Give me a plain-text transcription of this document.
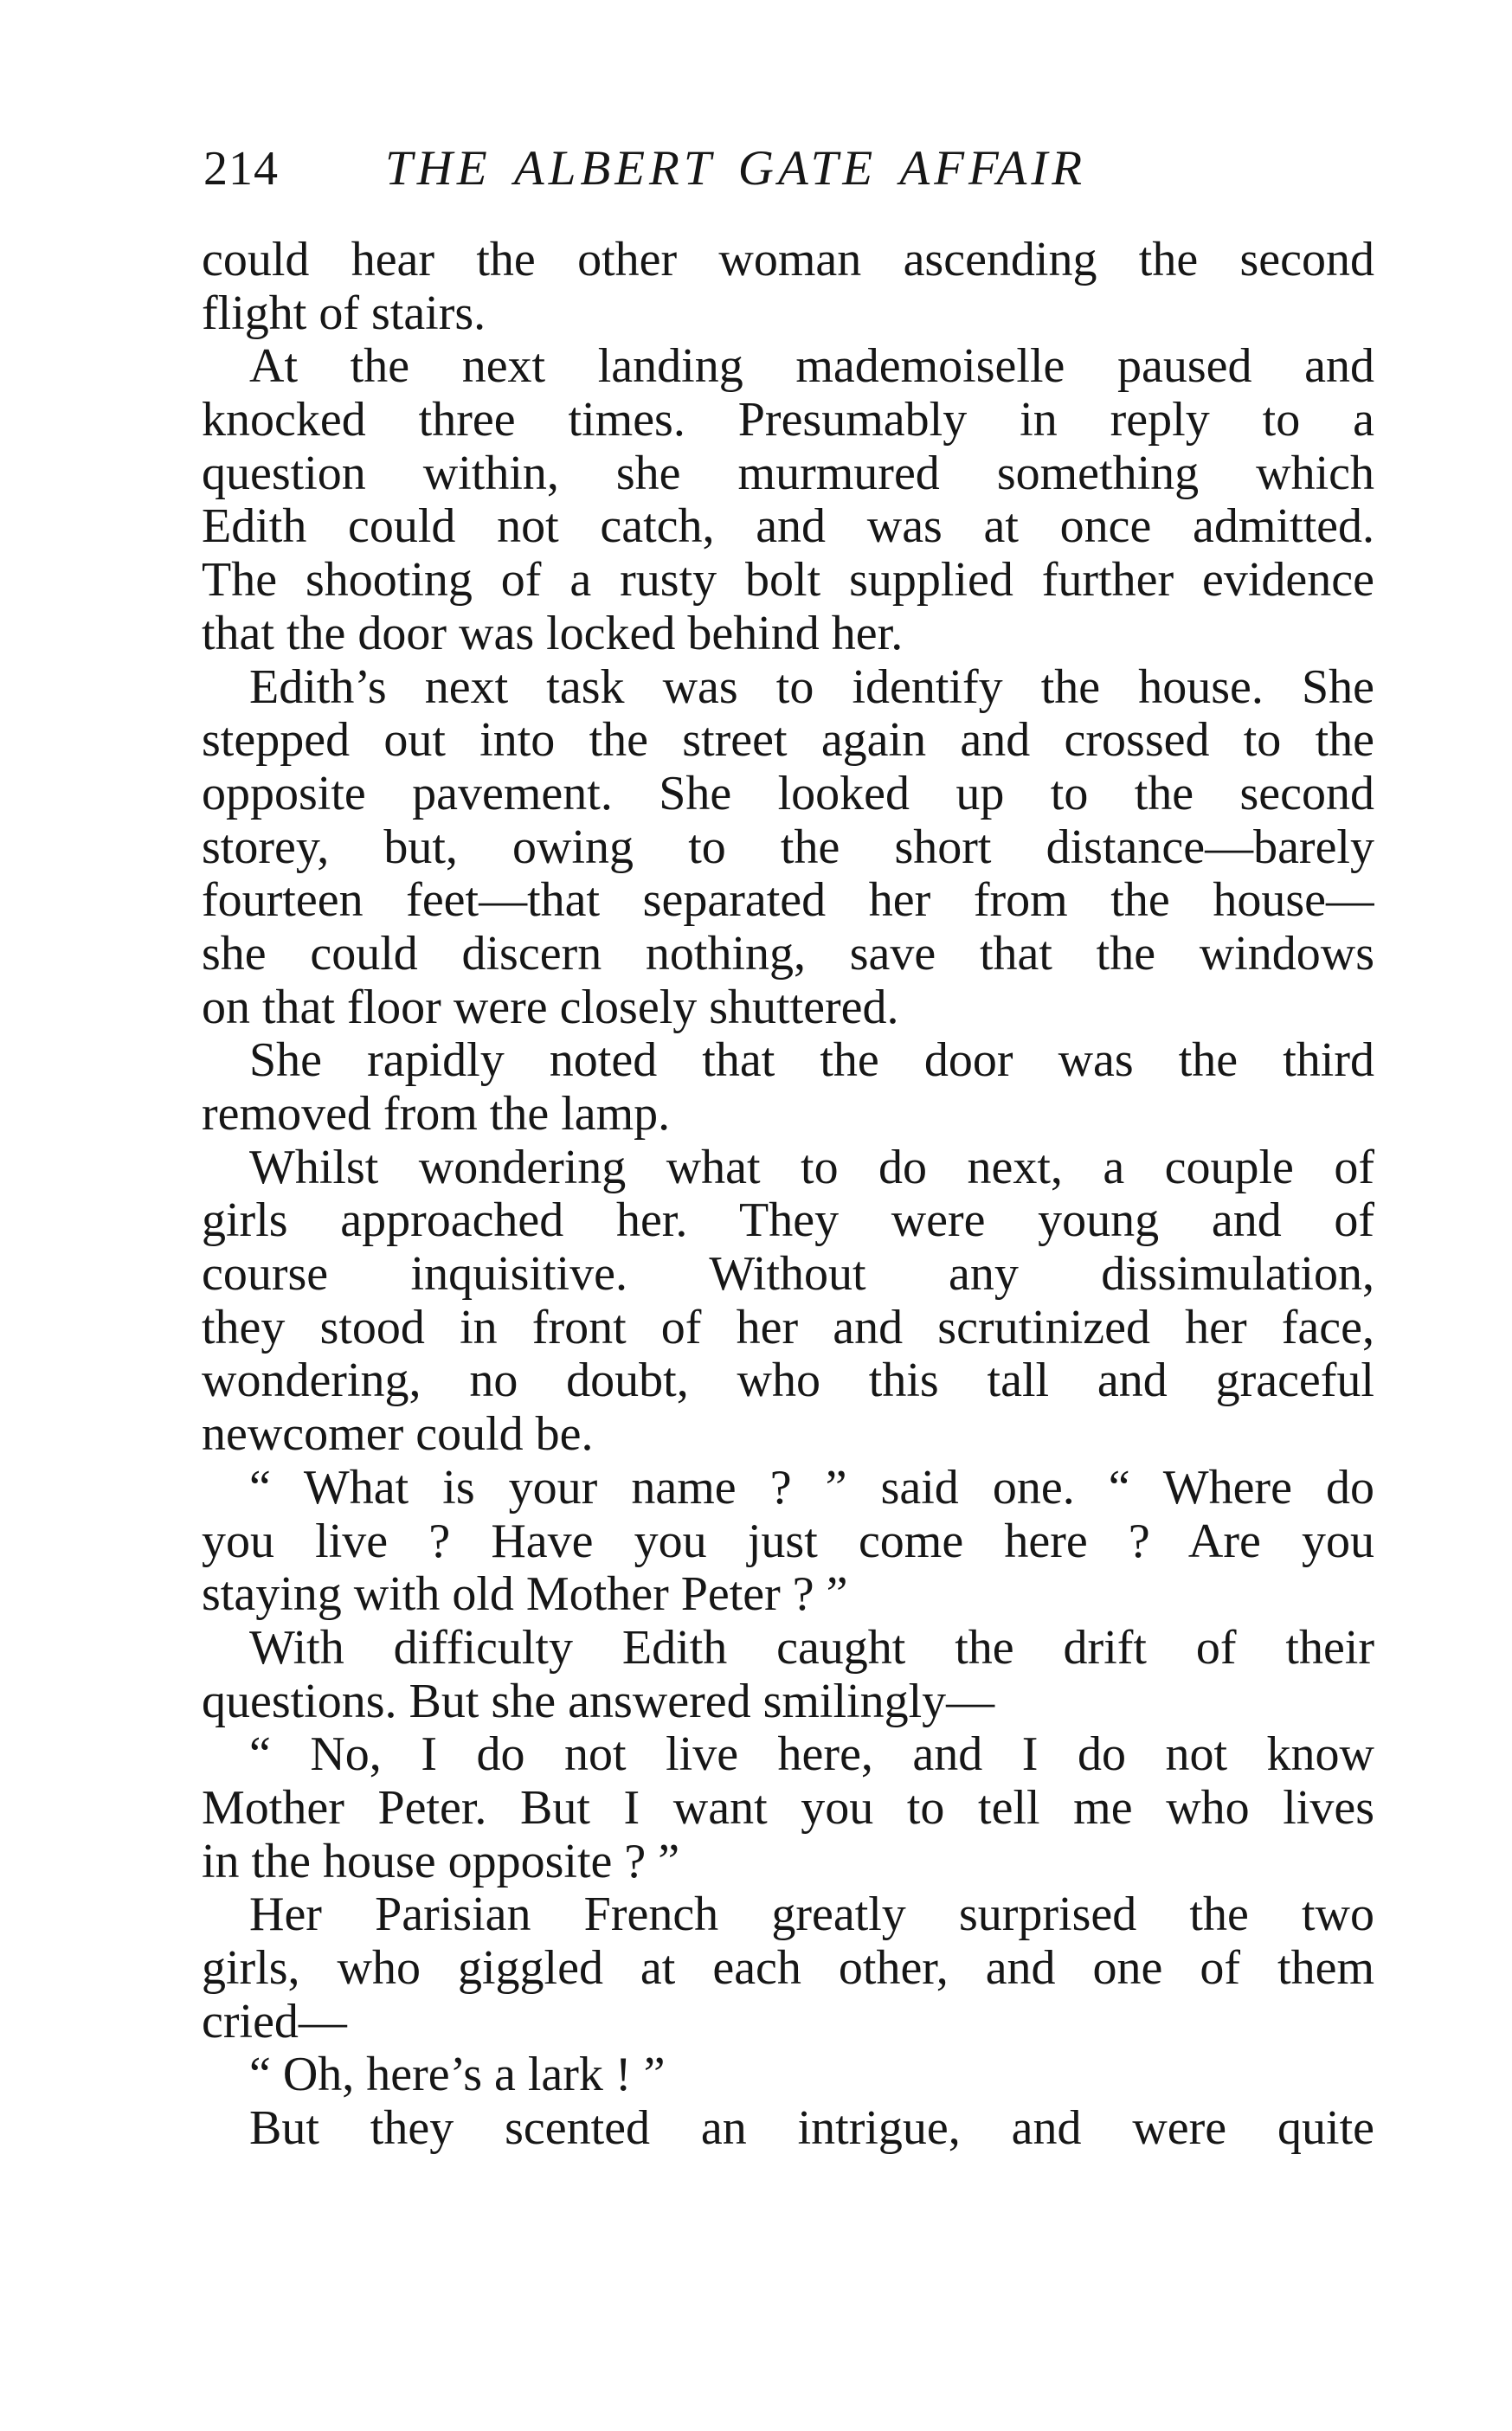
214 THE ALBERT GATE AFFAIR
could hear the other woman ascending the second
flight of stairs.
At the next landing mademoiselle paused and
knocked three times. Presumably in reply to a
question within, she murmured something which
Edith could not catch, and was at once admitted.
The shooting of a rusty bolt supplied further evidence
that the door was locked behind her.
Edith’s next task was to identify the house. She
stepped out into the street again and crossed to the
opposite pavement. She looked up to the second
storey, but, owing to the short distance—barely
fourteen feet—that separated her from the house—
she could discern nothing, save that the windows
on that floor were closely shuttered.
She rapidly noted that the door was the third
removed from the lamp.
Whilst wondering what to do next, a couple of
girls approached her. They were young and of
course inquisitive. Without any dissimulation,
they stood in front of her and scrutinized her face,
wondering, no doubt, who this tall and graceful
newcomer could be.
“ What is your name ? ” said one. “ Where do
you live ? Have you just come here ? Are you
staying with old Mother Peter ? ”
With difficulty Edith caught the drift of their
questions. But she answered smilingly—
“ No, I do not live here, and I do not know
Mother Peter. But I want you to tell me who lives
in the house opposite ? ”
Her Parisian French greatly surprised the two
girls, who giggled at each other, and one of them
cried—
“ Oh, here’s a lark ! ”
But they scented an intrigue, and were quite
